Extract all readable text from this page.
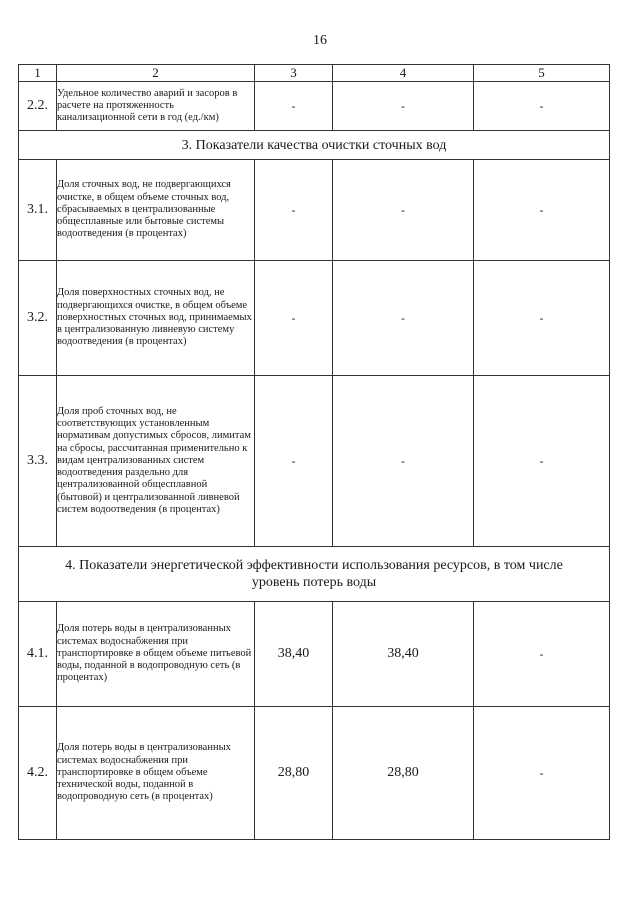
16
1	2	3	4	5
2.2.	Удельное количество аварий и засоров в расчете на протяженность канализационной сети в год (ед./км)	-	-	-
3. Показатели качества очистки сточных вод				
3.1.	Доля сточных вод, не подвергающихся очистке, в общем объеме сточных вод, сбрасываемых в централизованные общесплавные или бытовые системы водоотведения (в процентах)	-	-	-
3.2.	Доля поверхностных сточных вод, не подвергающихся очистке, в общем объеме поверхностных сточных вод, принимаемых в централизованную ливневую систему водоотведения (в процентах)	-	-	-
3.3.	Доля проб сточных вод, не соответствующих установленным нормативам допустимых сбросов, лимитам на сбросы, рассчитанная применительно к видам централизованных систем водоотведения раздельно для централизованной общесплавной (бытовой) и централизованной ливневой систем водоотведения (в процентах)	-	-	-

4. Показатели энергетической эффективности использования ресурсов, в том числе
уровень потерь воды				

4.1.	Доля потерь воды в централизованных системах водоснабжения при транспортировке в общем объеме питьевой воды, поданной в водопроводную сеть (в процентах)	38,40	38,40	-
4.2.	Доля потерь воды в централизованных системах водоснабжения при транспортировке в общем объеме технической воды, поданной в водопроводную сеть (в процентах)	28,80	28,80	-
